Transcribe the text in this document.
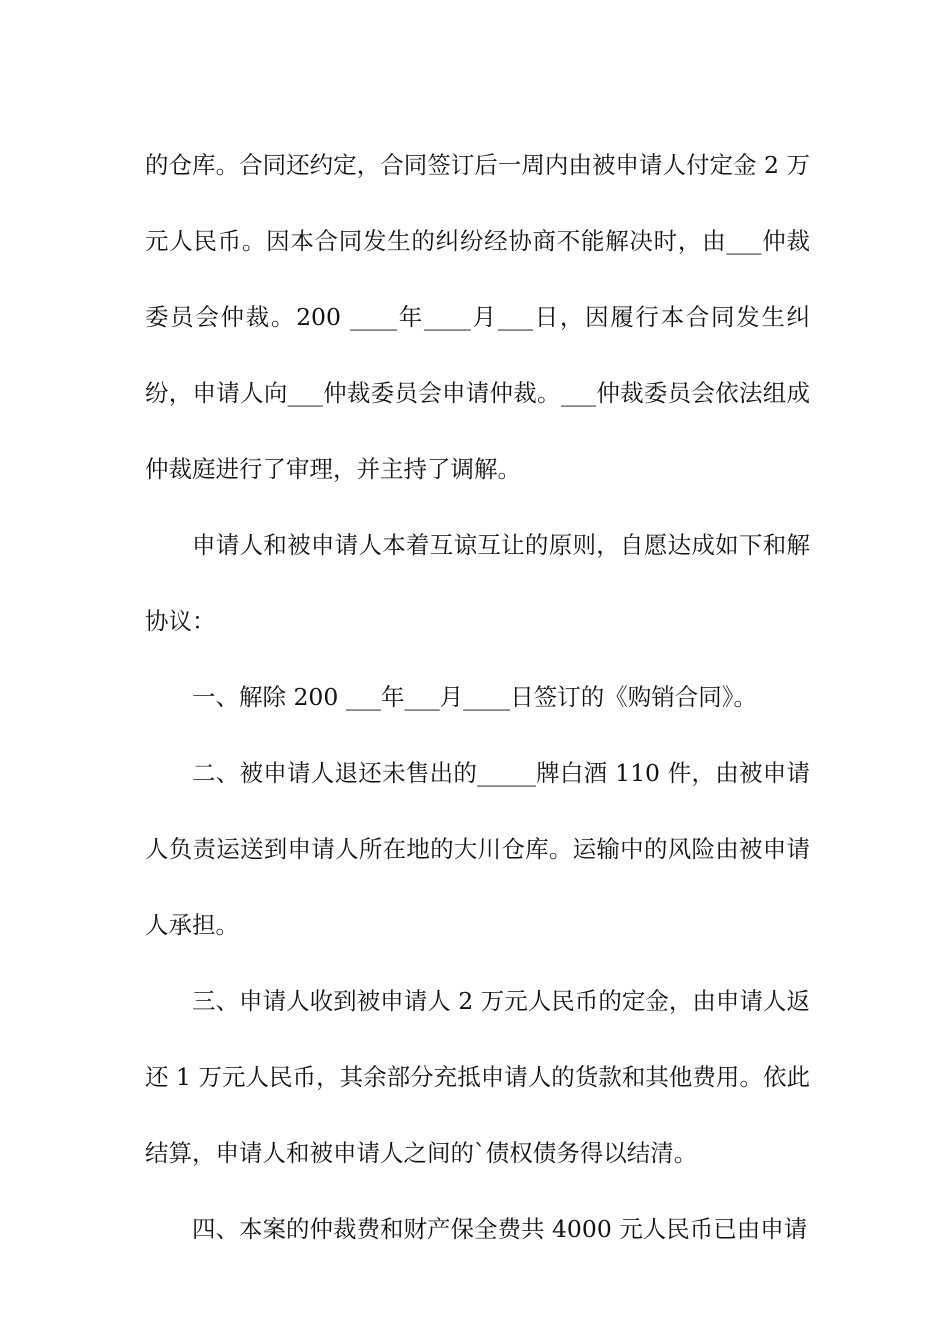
的仓库。合同还约定，合同签订后一周内由被申请人付定金 2 万元人民币。因本合同发生的纠纷经协商不能解决时，由___仲裁委员会仲裁。200 ____年____月___日，因履行本合同发生纠纷，申请人向___仲裁委员会申请仲裁。___仲裁委员会依法组成仲裁庭进行了审理，并主持了调解。

申请人和被申请人本着互谅互让的原则，自愿达成如下和解协议：

一、解除 200 ___年___月____日签订的《购销合同》。

二、被申请人退还未售出的_____牌白酒 110 件，由被申请人负责运送到申请人所在地的大川仓库。运输中的风险由被申请人承担。

三、申请人收到被申请人 2 万元人民币的定金，由申请人返还 1 万元人民币，其余部分充抵申请人的货款和其他费用。依此结算，申请人和被申请人之间的`债权债务得以结清。

四、本案的仲裁费和财产保全费共 4000 元人民币已由申请
